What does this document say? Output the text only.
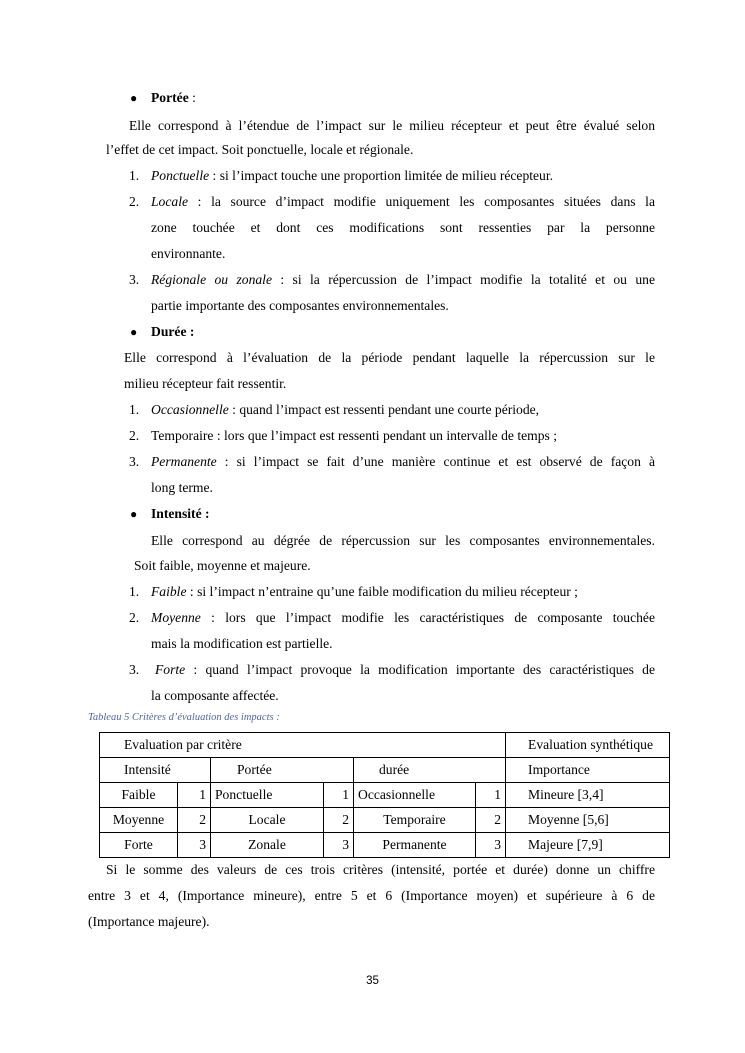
● Portée :
Elle correspond à l’étendue de l’impact sur le milieu récepteur et peut être évalué selon
l’effet de cet impact. Soit ponctuelle, locale et régionale.
1. Ponctuelle : si l’impact touche une proportion limitée de milieu récepteur.
2. Locale : la source d’impact modifie uniquement les composantes situées dans la
zone touchée et dont ces modifications sont ressenties par la personne
environnante.
3. Régionale ou zonale : si la répercussion de l’impact modifie la totalité et ou une
partie importante des composantes environnementales.
● Durée :
Elle correspond à l’évaluation de la période pendant laquelle la répercussion sur le
milieu récepteur fait ressentir.
1. Occasionnelle : quand l’impact est ressenti pendant une courte période,
2. Temporaire : lors que l’impact est ressenti pendant un intervalle de temps ;
3. Permanente : si l’impact se fait d’une manière continue et est observé de façon à
long terme.
● Intensité :
Elle correspond au dégrée de répercussion sur les composantes environnementales.
Soit faible, moyenne et majeure.
1. Faible : si l’impact n’entraine qu’une faible modification du milieu récepteur ;
2. Moyenne : lors que l’impact modifie les caractéristiques de composante touchée
mais la modification est partielle.
3. Forte : quand l’impact provoque la modification importante des caractéristiques de
la composante affectée.
Tableau 5 Critères d’évaluation des impacts :
Evaluation par critère						Evaluation synthétique
Intensité		Portée		durée		Importance
Faible	1	Ponctuelle	1	Occasionnelle	1	Mineure [3,4]
Moyenne	2	Locale	2	Temporaire	2	Moyenne [5,6]
Forte	3	Zonale	3	Permanente	3	Majeure [7,9]
Si le somme des valeurs de ces trois critères (intensité, portée et durée) donne un chiffre
entre 3 et 4, (Importance mineure), entre 5 et 6 (Importance moyen) et supérieure à 6 de
(Importance majeure).
35
